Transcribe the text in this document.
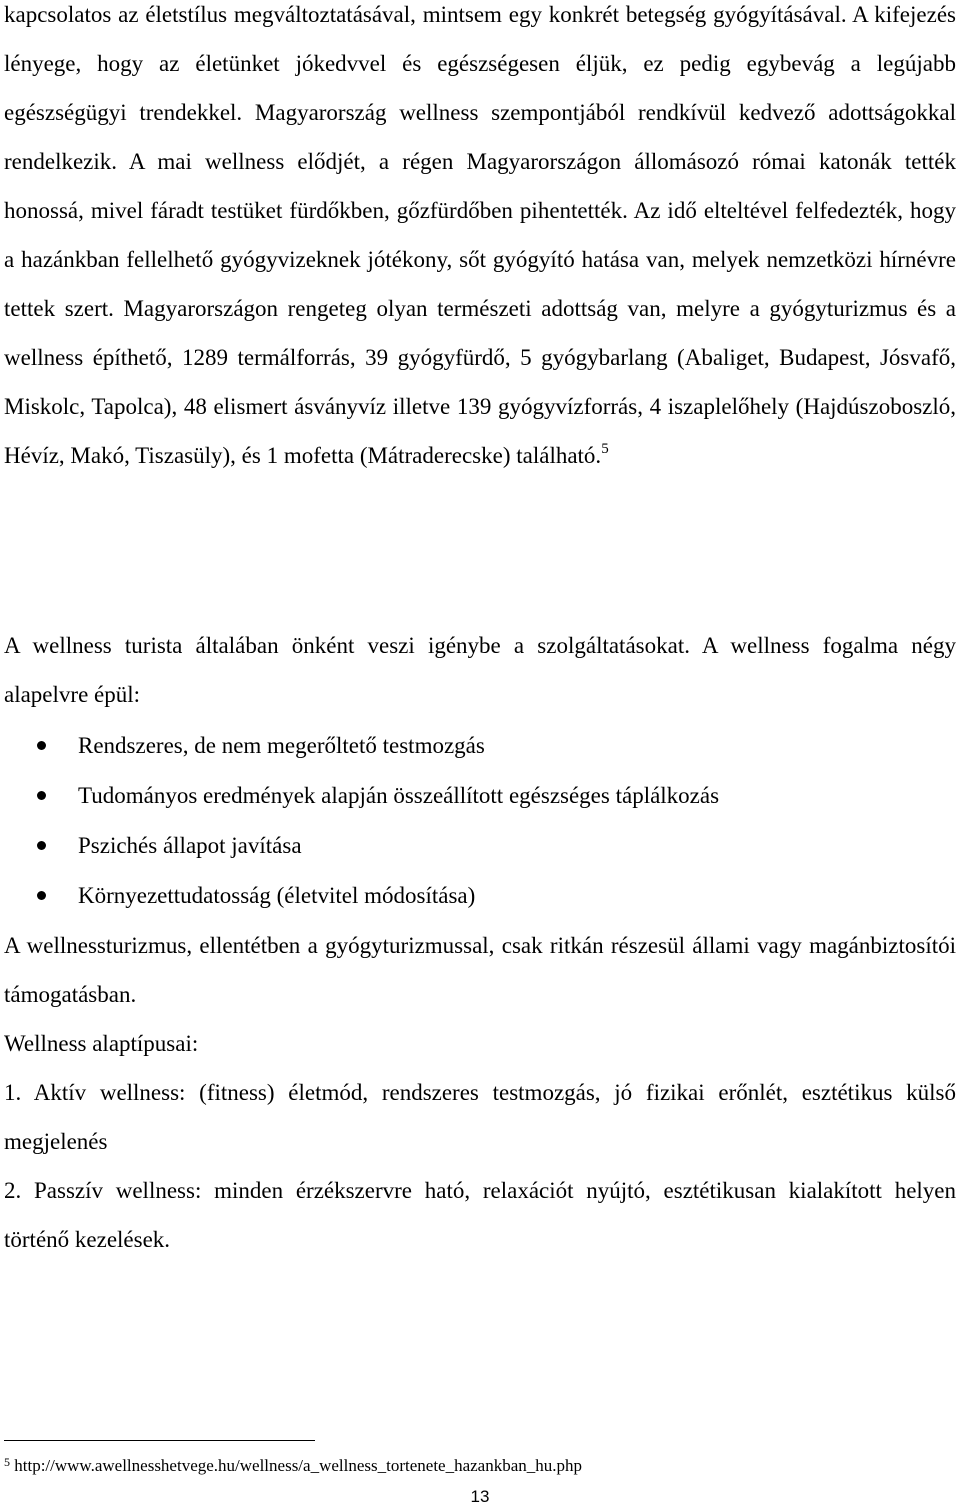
kapcsolatos az életstílus megváltoztatásával, mintsem egy konkrét betegség gyógyításával. A kifejezés lényege, hogy az életünket jókedvvel és egészségesen éljük, ez pedig egybevág a legújabb egészségügyi trendekkel. Magyarország wellness szempontjából rendkívül kedvező adottságokkal rendelkezik. A mai wellness elődjét, a régen Magyarországon állomásozó római katonák tették honossá, mivel fáradt testüket fürdőkben, gőzfürdőben pihentették. Az idő elteltével felfedezték, hogy a hazánkban fellelhető gyógyvizeknek jótékony, sőt gyógyító hatása van, melyek nemzetközi hírnévre tettek szert. Magyarországon rengeteg olyan természeti adottság van, melyre a gyógyturizmus és a wellness építhető, 1289 termálforrás, 39 gyógyfürdő, 5 gyógybarlang (Abaliget, Budapest, Jósvafő, Miskolc, Tapolca), 48 elismert ásványvíz illetve 139 gyógyvízforrás, 4 iszaplelőhely (Hajdúszoboszló, Hévíz, Makó, Tiszasüly), és 1 mofetta (Mátraderecske) található.$^5$

A wellness turista általában önként veszi igénybe a szolgáltatásokat. A wellness fogalma négy alapelvre épül:

Rendszeres, de nem megerőltető testmozgás
Tudományos eredmények alapján összeállított egészséges táplálkozás
Pszichés állapot javítása
Környezettudatosság (életvitel módosítása)

A wellnessturizmus, ellentétben a gyógyturizmussal, csak ritkán részesül állami vagy magánbiztosítói támogatásban.

Wellness alaptípusai:

1. Aktív wellness: (fitness) életmód, rendszeres testmozgás, jó fizikai erőnlét, esztétikus külső megjelenés

2. Passzív wellness: minden érzékszervre ható, relaxációt nyújtó, esztétikusan kialakított helyen történő kezelések.

$^5$ http://www.awellnesshetvege.hu/wellness/a_wellness_tortenete_hazankban_hu.php
13
